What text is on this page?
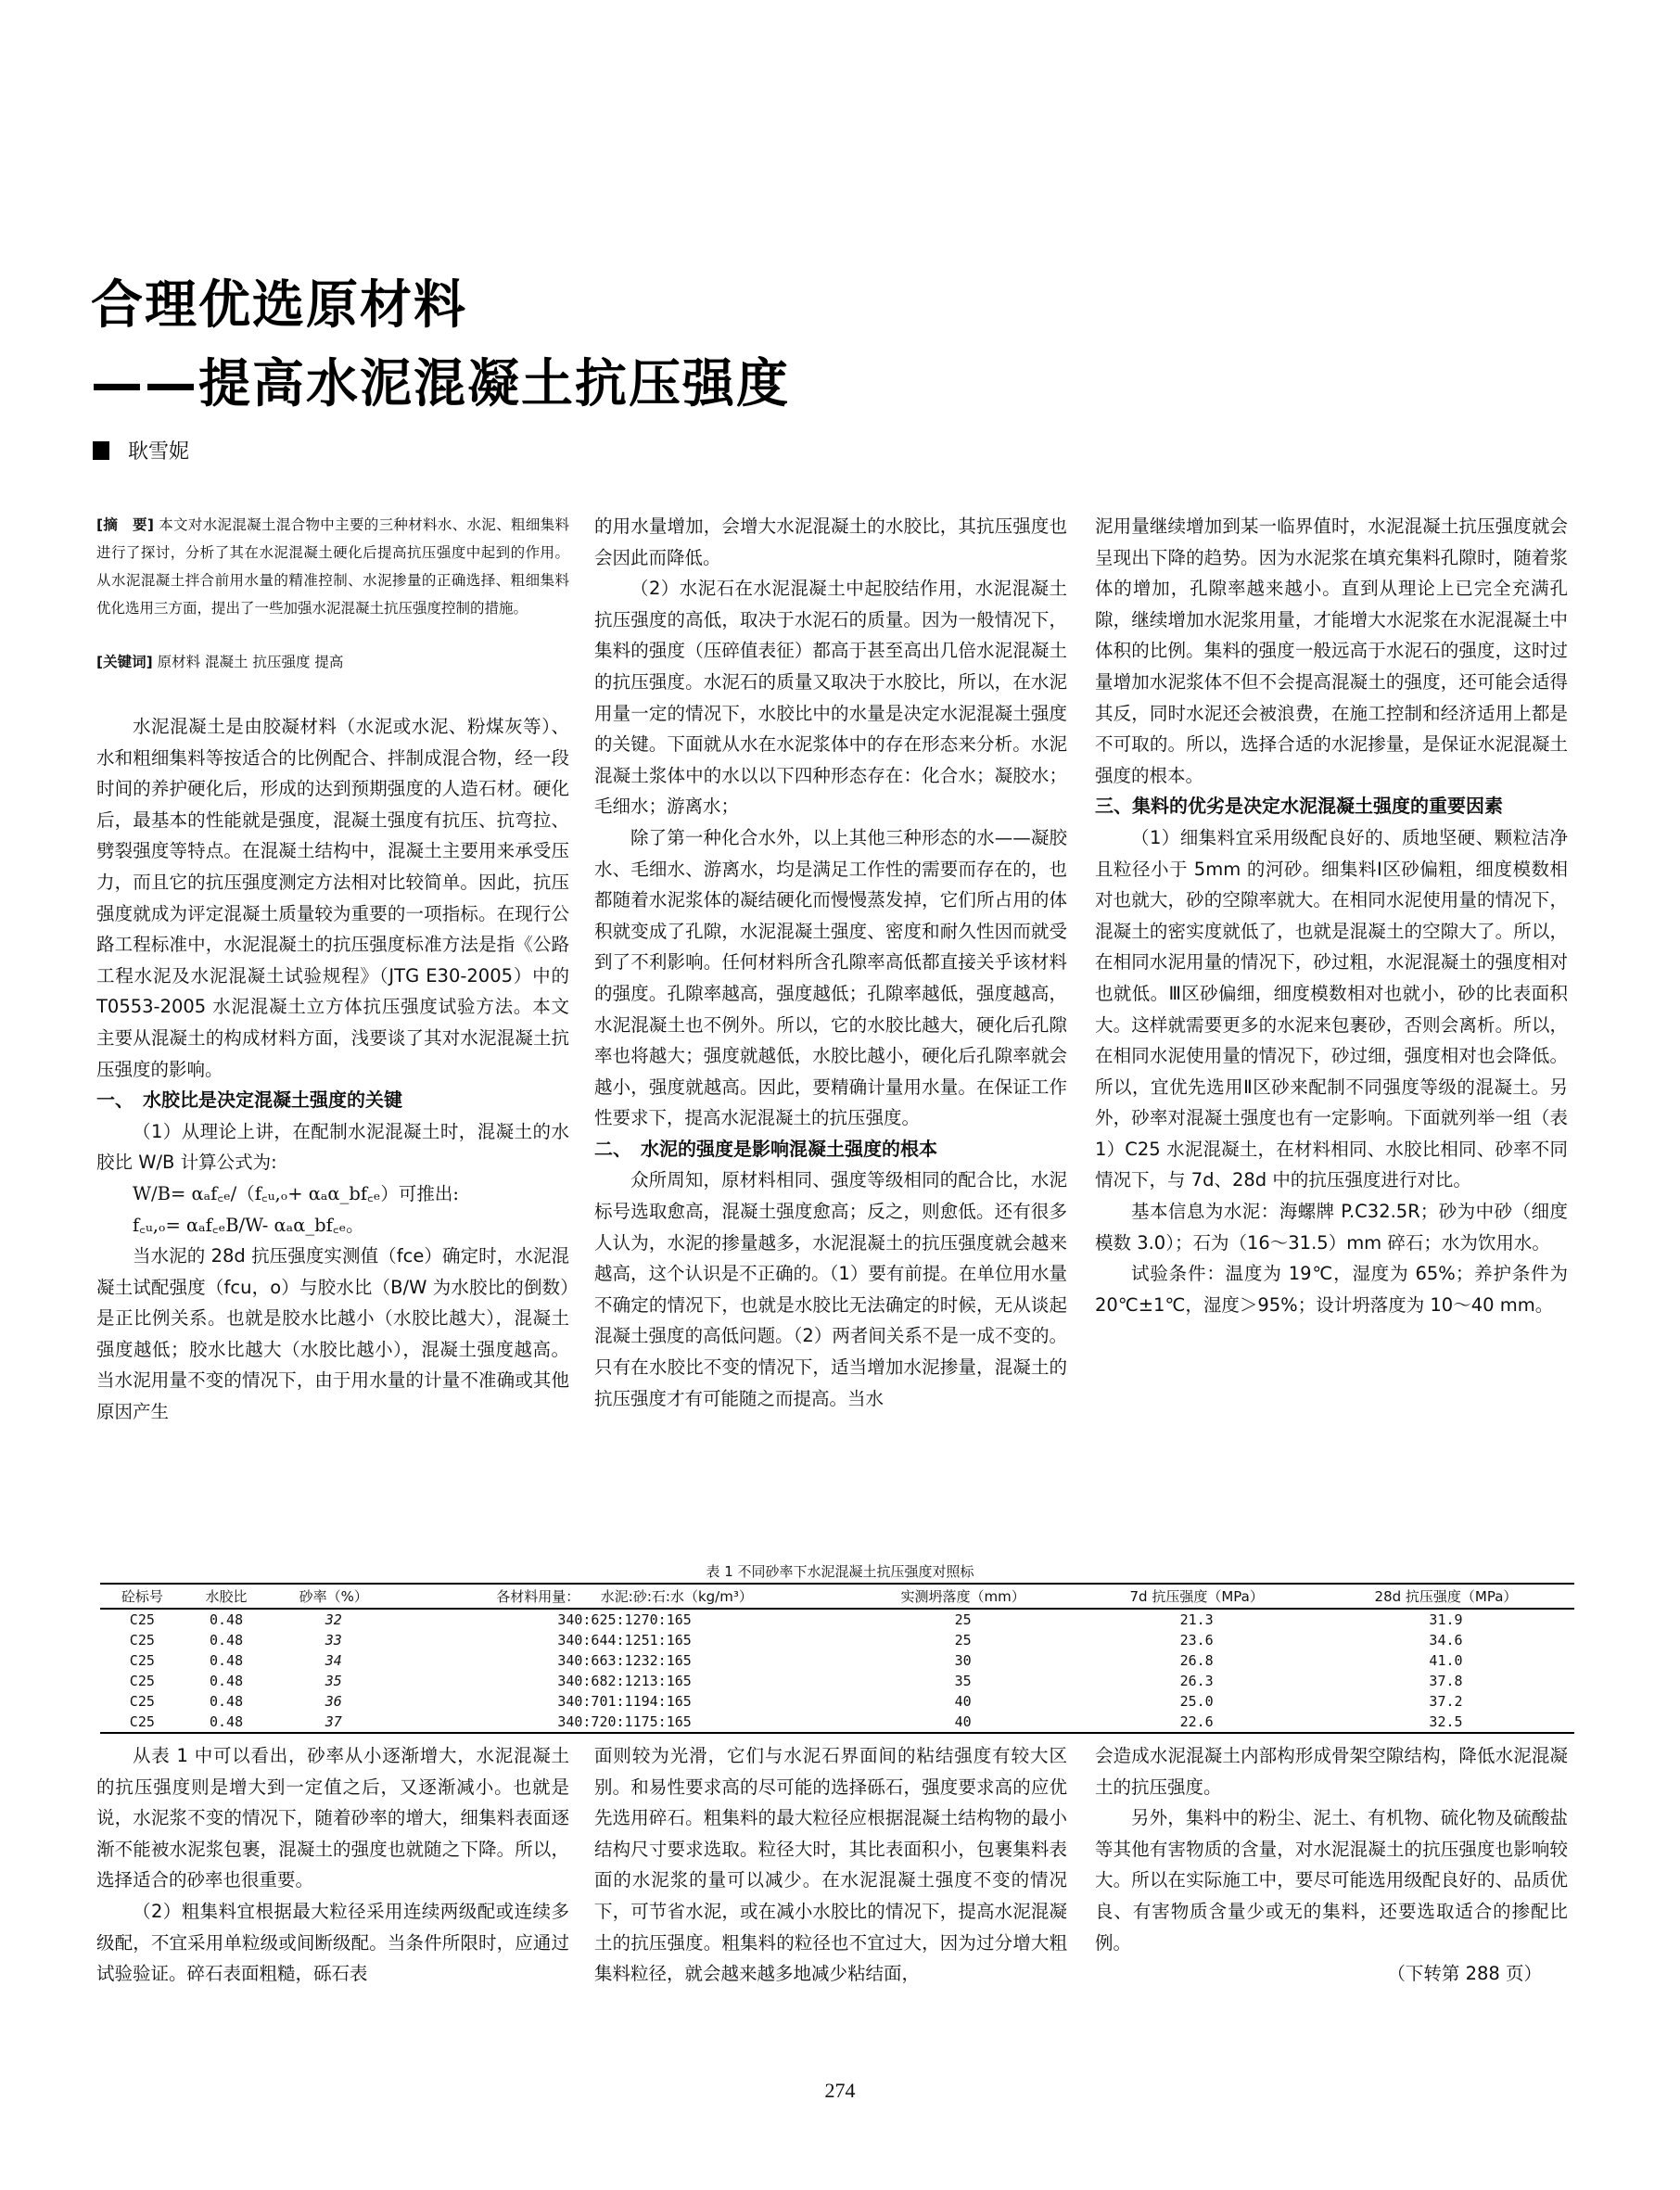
合理优选原材料
——提高水泥混凝土抗压强度
耿雪妮

[摘　要] 本文对水泥混凝土混合物中主要的三种材料水、水泥、粗细集料进行了探讨，分析了其在水泥混凝土硬化后提高抗压强度中起到的作用。从水泥混凝土拌合前用水量的精准控制、水泥掺量的正确选择、粗细集料优化选用三方面，提出了一些加强水泥混凝土抗压强度控制的措施。

[关键词] 原材料 混凝土 抗压强度 提高

水泥混凝土是由胶凝材料（水泥或水泥、粉煤灰等）、水和粗细集料等按适合的比例配合、拌制成混合物，经一段时间的养护硬化后，形成的达到预期强度的人造石材。硬化后，最基本的性能就是强度，混凝土强度有抗压、抗弯拉、劈裂强度等特点。在混凝土结构中，混凝土主要用来承受压力，而且它的抗压强度测定方法相对比较简单。因此，抗压强度就成为评定混凝土质量较为重要的一项指标。在现行公路工程标准中，水泥混凝土的抗压强度标准方法是指《公路工程水泥及水泥混凝土试验规程》（JTG E30-2005）中的 T0553-2005 水泥混凝土立方体抗压强度试验方法。本文主要从混凝土的构成材料方面，浅要谈了其对水泥混凝土抗压强度的影响。

一、　水胶比是决定混凝土强度的关键

（1）从理论上讲，在配制水泥混凝土时，混凝土的水胶比 W/B 计算公式为:

W/B= αₐf꜀ₑ/（f꜀ᵤ,ₒ+ αₐα_bf꜀ₑ）可推出:

f꜀ᵤ,ₒ= αₐf꜀ₑB/W- αₐα_bf꜀ₑ。

当水泥的 28d 抗压强度实测值（fce）确定时，水泥混凝土试配强度（fcu，o）与胶水比（B/W 为水胶比的倒数）是正比例关系。也就是胶水比越小（水胶比越大），混凝土强度越低；胶水比越大（水胶比越小），混凝土强度越高。当水泥用量不变的情况下，由于用水量的计量不准确或其他原因产生

的用水量增加，会增大水泥混凝土的水胶比，其抗压强度也会因此而降低。

（2）水泥石在水泥混凝土中起胶结作用，水泥混凝土抗压强度的高低，取决于水泥石的质量。因为一般情况下，集料的强度（压碎值表征）都高于甚至高出几倍水泥混凝土的抗压强度。水泥石的质量又取决于水胶比，所以，在水泥用量一定的情况下，水胶比中的水量是决定水泥混凝土强度的关键。下面就从水在水泥浆体中的存在形态来分析。水泥混凝土浆体中的水以以下四种形态存在：化合水；凝胶水；毛细水；游离水；

除了第一种化合水外，以上其他三种形态的水——凝胶水、毛细水、游离水，均是满足工作性的需要而存在的，也都随着水泥浆体的凝结硬化而慢慢蒸发掉，它们所占用的体积就变成了孔隙，水泥混凝土强度、密度和耐久性因而就受到了不利影响。任何材料所含孔隙率高低都直接关乎该材料的强度。孔隙率越高，强度越低；孔隙率越低，强度越高，水泥混凝土也不例外。所以，它的水胶比越大，硬化后孔隙率也将越大；强度就越低，水胶比越小，硬化后孔隙率就会越小，强度就越高。因此，要精确计量用水量。在保证工作性要求下，提高水泥混凝土的抗压强度。

二、　水泥的强度是影响混凝土强度的根本

众所周知，原材料相同、强度等级相同的配合比，水泥标号选取愈高，混凝土强度愈高；反之，则愈低。还有很多人认为，水泥的掺量越多，水泥混凝土的抗压强度就会越来越高，这个认识是不正确的。（1）要有前提。在单位用水量不确定的情况下，也就是水胶比无法确定的时候，无从谈起混凝土强度的高低问题。（2）两者间关系不是一成不变的。只有在水胶比不变的情况下，适当增加水泥掺量，混凝土的抗压强度才有可能随之而提高。当水

泥用量继续增加到某一临界值时，水泥混凝土抗压强度就会呈现出下降的趋势。因为水泥浆在填充集料孔隙时，随着浆体的增加，孔隙率越来越小。直到从理论上已完全充满孔隙，继续增加水泥浆用量，才能增大水泥浆在水泥混凝土中体积的比例。集料的强度一般远高于水泥石的强度，这时过量增加水泥浆体不但不会提高混凝土的强度，还可能会适得其反，同时水泥还会被浪费，在施工控制和经济适用上都是不可取的。所以，选择合适的水泥掺量，是保证水泥混凝土强度的根本。

三、集料的优劣是决定水泥混凝土强度的重要因素

（1）细集料宜采用级配良好的、质地坚硬、颗粒洁净且粒径小于 5mm 的河砂。细集料Ⅰ区砂偏粗，细度模数相对也就大，砂的空隙率就大。在相同水泥使用量的情况下，混凝土的密实度就低了，也就是混凝土的空隙大了。所以，在相同水泥用量的情况下，砂过粗，水泥混凝土的强度相对也就低。Ⅲ区砂偏细，细度模数相对也就小，砂的比表面积大。这样就需要更多的水泥来包裹砂，否则会离析。所以，在相同水泥使用量的情况下，砂过细，强度相对也会降低。所以，宜优先选用Ⅱ区砂来配制不同强度等级的混凝土。另外，砂率对混凝土强度也有一定影响。下面就列举一组（表 1）C25 水泥混凝土，在材料相同、水胶比相同、砂率不同情况下，与 7d、28d 中的抗压强度进行对比。

基本信息为水泥：海螺牌 P.C32.5R；砂为中砂（细度模数 3.0）；石为（16～31.5）mm 碎石；水为饮用水。

试验条件：温度为 19℃，湿度为 65%；养护条件为 20℃±1℃，湿度＞95%；设计坍落度为 10～40 mm。

表 1 不同砂率下水泥混凝土抗压强度对照标
砼标号	水胶比	砂率（%）	各材料用量：　　水泥:砂:石:水（kg/m³）	实测坍落度（mm）	7d 抗压强度（MPa）	28d 抗压强度（MPa）
C25	0.48	32	340:625:1270:165	25	21.3	31.9
C25	0.48	33	340:644:1251:165	25	23.6	34.6
C25	0.48	34	340:663:1232:165	30	26.8	41.0
C25	0.48	35	340:682:1213:165	35	26.3	37.8
C25	0.48	36	340:701:1194:165	40	25.0	37.2
C25	0.48	37	340:720:1175:165	40	22.6	32.5

从表 1 中可以看出，砂率从小逐渐增大，水泥混凝土的抗压强度则是增大到一定值之后，又逐渐减小。也就是说，水泥浆不变的情况下，随着砂率的增大，细集料表面逐渐不能被水泥浆包裹，混凝土的强度也就随之下降。所以，选择适合的砂率也很重要。

（2）粗集料宜根据最大粒径采用连续两级配或连续多级配，不宜采用单粒级或间断级配。当条件所限时，应通过试验验证。碎石表面粗糙，砾石表

面则较为光滑，它们与水泥石界面间的粘结强度有较大区别。和易性要求高的尽可能的选择砾石，强度要求高的应优先选用碎石。粗集料的最大粒径应根据混凝土结构物的最小结构尺寸要求选取。粒径大时，其比表面积小，包裹集料表面的水泥浆的量可以减少。在水泥混凝土强度不变的情况下，可节省水泥，或在减小水胶比的情况下，提高水泥混凝土的抗压强度。粗集料的粒径也不宜过大，因为过分增大粗集料粒径，就会越来越多地减少粘结面，

会造成水泥混凝土内部构形成骨架空隙结构，降低水泥混凝土的抗压强度。

另外，集料中的粉尘、泥土、有机物、硫化物及硫酸盐等其他有害物质的含量，对水泥混凝土的抗压强度也影响较大。所以在实际施工中，要尽可能选用级配良好的、品质优良、有害物质含量少或无的集料，还要选取适合的掺配比例。

（下转第 288 页）

274
